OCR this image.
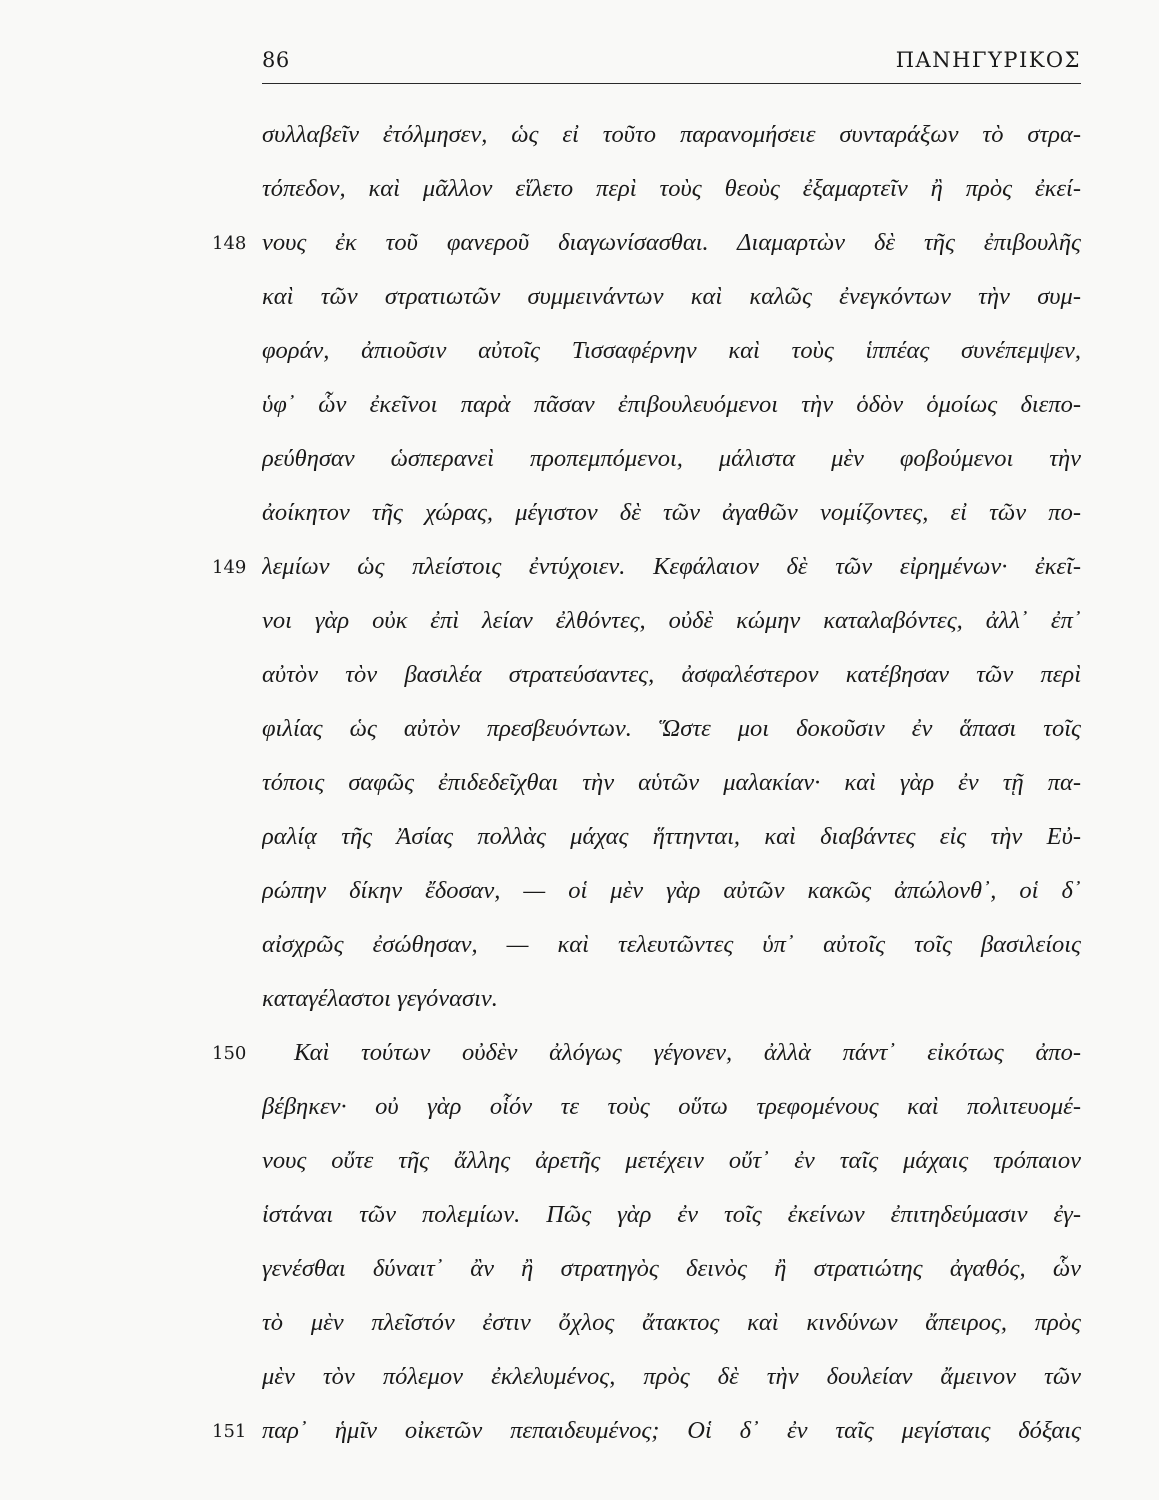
86	ΠΑΝΗΓΥΡΙΚΟΣ
συλλαβεῖν ἐτόλμησεν, ὡς εἰ τοῦτο παρανομήσειε συνταράξων τὸ στρα-
τόπεδον, καὶ μᾶλλον εἵλετο περὶ τοὺς θεοὺς ἐξαμαρτεῖν ἢ πρὸς ἐκεί-
148 νους ἐκ τοῦ φανεροῦ διαγωνίσασθαι. Διαμαρτὼν δὲ τῆς ἐπιβουλῆς
καὶ τῶν στρατιωτῶν συμμεινάντων καὶ καλῶς ἐνεγκόντων τὴν συμ-
φοράν, ἀπιοῦσιν αὐτοῖς Τισσαφέρνην καὶ τοὺς ἱππέας συνέπεμψεν,
ὑφ᾿ ὧν ἐκεῖνοι παρὰ πᾶσαν ἐπιβουλευόμενοι τὴν ὁδὸν ὁμοίως διεπο-
ρεύθησαν ὡσπερανεὶ προπεμπόμενοι, μάλιστα μὲν φοβούμενοι τὴν
ἀοίκητον τῆς χώρας, μέγιστον δὲ τῶν ἀγαθῶν νομίζοντες, εἰ τῶν πο-
149 λεμίων ὡς πλείστοις ἐντύχοιεν. Κεφάλαιον δὲ τῶν εἰρημένων· ἐκεῖ-
νοι γὰρ οὐκ ἐπὶ λείαν ἐλθόντες, οὐδὲ κώμην καταλαβόντες, ἀλλ᾿ ἐπ᾿
αὐτὸν τὸν βασιλέα στρατεύσαντες, ἀσφαλέστερον κατέβησαν τῶν περὶ
φιλίας ὡς αὐτὸν πρεσβευόντων. Ὥστε μοι δοκοῦσιν ἐν ἅπασι τοῖς
τόποις σαφῶς ἐπιδεδεῖχθαι τὴν αὑτῶν μαλακίαν· καὶ γὰρ ἐν τῇ πα-
ραλίᾳ τῆς Ἀσίας πολλὰς μάχας ἥττηνται, καὶ διαβάντες εἰς τὴν Εὐ-
ρώπην δίκην ἔδοσαν, — οἱ μὲν γὰρ αὐτῶν κακῶς ἀπώλονθ᾿, οἱ δ᾿
αἰσχρῶς ἐσώθησαν, — καὶ τελευτῶντες ὑπ᾿ αὐτοῖς τοῖς βασιλείοις
καταγέλαστοι γεγόνασιν.
150	Καὶ τούτων οὐδὲν ἀλόγως γέγονεν, ἀλλὰ πάντ᾿ εἰκότως ἀπο-
βέβηκεν· οὐ γὰρ οἷόν τε τοὺς οὕτω τρεφομένους καὶ πολιτευομέ-
νους οὔτε τῆς ἄλλης ἀρετῆς μετέχειν οὔτ᾿ ἐν ταῖς μάχαις τρόπαιον
ἱστάναι τῶν πολεμίων. Πῶς γὰρ ἐν τοῖς ἐκείνων ἐπιτηδεύμασιν ἐγ-
γενέσθαι δύναιτ᾿ ἂν ἢ στρατηγὸς δεινὸς ἢ στρατιώτης ἀγαθός, ὧν
τὸ μὲν πλεῖστόν ἐστιν ὄχλος ἄτακτος καὶ κινδύνων ἄπειρος, πρὸς
μὲν τὸν πόλεμον ἐκλελυμένος, πρὸς δὲ τὴν δουλείαν ἄμεινον τῶν
151 παρ᾿ ἡμῖν οἰκετῶν πεπαιδευμένος; Οἱ δ᾿ ἐν ταῖς μεγίσταις δόξαις
